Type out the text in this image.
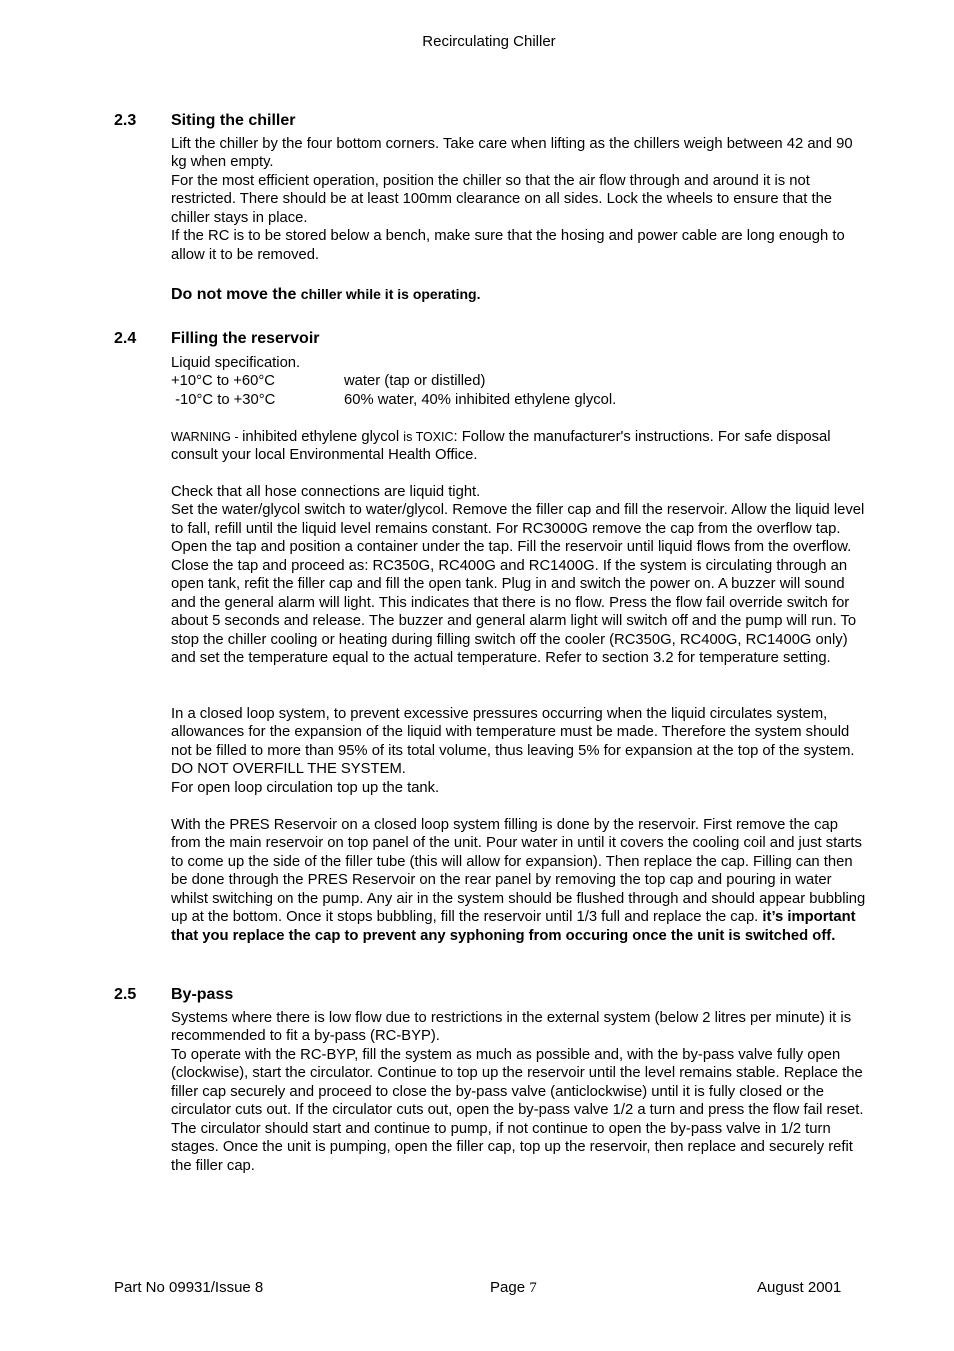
Recirculating Chiller
2.3 Siting the chiller

Lift the chiller by the four bottom corners. Take care when lifting as the chillers weigh between 42 and 90 kg when empty.

For the most efficient operation, position the chiller so that the air flow through and around it is not restricted. There should be at least 100mm clearance on all sides. Lock the wheels to ensure that the chiller stays in place.

If the RC is to be stored below a bench, make sure that the hosing and power cable are long enough to allow it to be removed.

Do not move the chiller while it is operating.
2.4 Filling the reservoir

Liquid specification.

+10°C to +60°C	water (tap or distilled)
-10°C to +30°C	60% water, 40% inhibited ethylene glycol.
WARNING - inhibited ethylene glycol is TOXIC: Follow the manufacturer's instructions. For safe disposal consult your local Environmental Health Office.

Check that all hose connections are liquid tight.

Set the water/glycol switch to water/glycol. Remove the filler cap and fill the reservoir. Allow the liquid level to fall, refill until the liquid level remains constant. For RC3000G remove the cap from the overflow tap. Open the tap and position a container under the tap. Fill the reservoir until liquid flows from the overflow. Close the tap and proceed as: RC350G, RC400G and RC1400G. If the system is circulating through an open tank, refit the filler cap and fill the open tank. Plug in and switch the power on. A buzzer will sound and the general alarm will light. This indicates that there is no flow. Press the flow fail override switch for about 5 seconds and release. The buzzer and general alarm light will switch off and the pump will run. To stop the chiller cooling or heating during filling switch off the cooler (RC350G, RC400G, RC1400G only) and set the temperature equal to the actual temperature. Refer to section 3.2 for temperature setting.

In a closed loop system, to prevent excessive pressures occurring when the liquid circulates system, allowances for the expansion of the liquid with temperature must be made. Therefore the system should not be filled to more than 95% of its total volume, thus leaving 5% for expansion at the top of the system. DO NOT OVERFILL THE SYSTEM.

For open loop circulation top up the tank.

With the PRES Reservoir on a closed loop system filling is done by the reservoir. First remove the cap from the main reservoir on top panel of the unit. Pour water in until it covers the cooling coil and just starts to come up the side of the filler tube (this will allow for expansion). Then replace the cap. Filling can then be done through the PRES Reservoir on the rear panel by removing the top cap and pouring in water whilst switching on the pump. Any air in the system should be flushed through and should appear bubbling up at the bottom. Once it stops bubbling, fill the reservoir until 1/3 full and replace the cap. it’s important that you replace the cap to prevent any syphoning from occuring once the unit is switched off.
2.5 By-pass

Systems where there is low flow due to restrictions in the external system (below 2 litres per minute) it is recommended to fit a by-pass (RC-BYP).

To operate with the RC-BYP, fill the system as much as possible and, with the by-pass valve fully open (clockwise), start the circulator. Continue to top up the reservoir until the level remains stable. Replace the filler cap securely and proceed to close the by-pass valve (anticlockwise) until it is fully closed or the circulator cuts out. If the circulator cuts out, open the by-pass valve 1/2 a turn and press the flow fail reset. The circulator should start and continue to pump, if not continue to open the by-pass valve in 1/2 turn stages. Once the unit is pumping, open the filler cap, top up the reservoir, then replace and securely refit the filler cap.

Part No 09931/Issue 8	Page 7	August 2001
